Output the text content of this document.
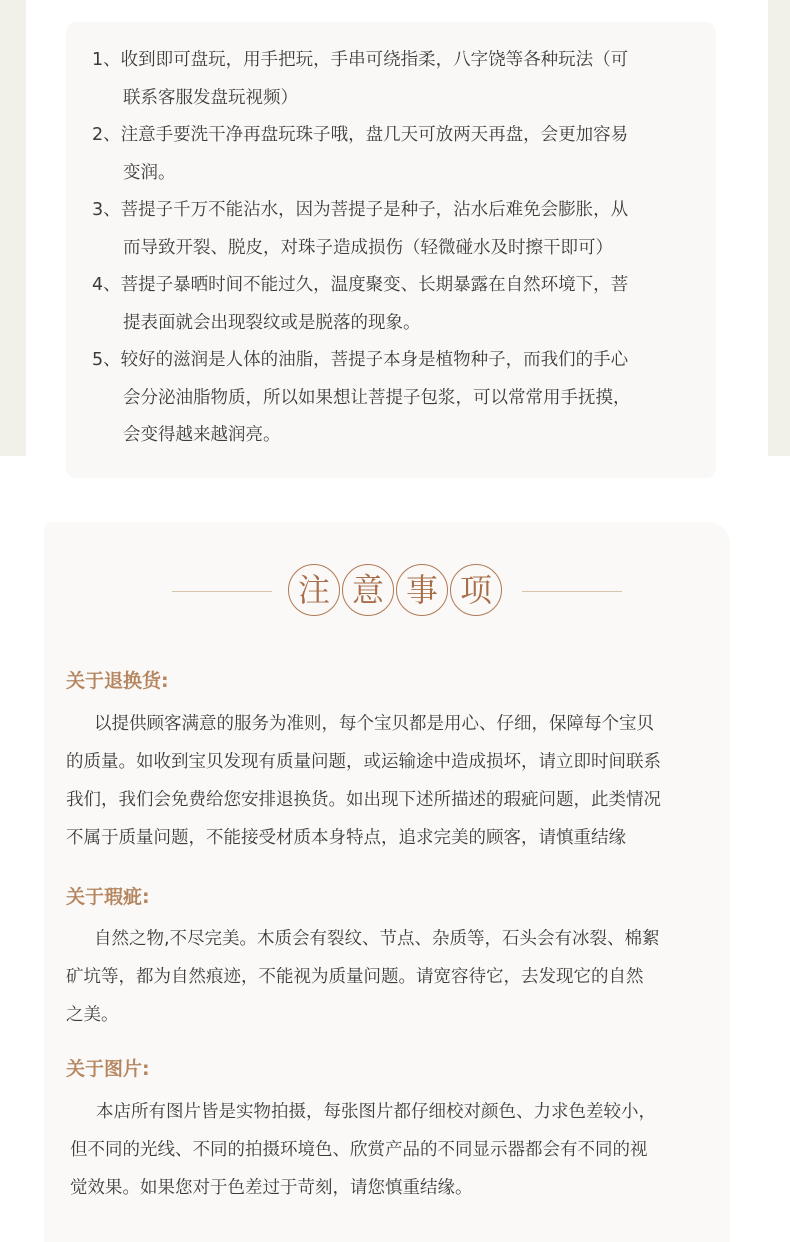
1、收到即可盘玩，用手把玩，手串可绕指柔，八字饶等各种玩法（可
联系客服发盘玩视频）
2、注意手要洗干净再盘玩珠子哦，盘几天可放两天再盘，会更加容易
变润。
3、菩提子千万不能沾水，因为菩提子是种子，沾水后难免会膨胀，从
而导致开裂、脱皮，对珠子造成损伤（轻微碰水及时擦干即可）
4、菩提子暴晒时间不能过久，温度聚变、长期暴露在自然环境下，菩
提表面就会出现裂纹或是脱落的现象。
5、较好的滋润是人体的油脂，菩提子本身是植物种子，而我们的手心
会分泌油脂物质，所以如果想让菩提子包浆，可以常常用手抚摸，
会变得越来越润亮。
注 意 事 项
关于退换货:
以提供顾客满意的服务为准则，每个宝贝都是用心、仔细，保障每个宝贝
的质量。如收到宝贝发现有质量问题，或运输途中造成损坏，请立即时间联系
我们，我们会免费给您安排退换货。如出现下述所描述的瑕疵问题，此类情况
不属于质量问题，不能接受材质本身特点，追求完美的顾客，请慎重结缘
关于瑕疵:
自然之物,不尽完美。木质会有裂纹、节点、杂质等，石头会有冰裂、棉絮
矿坑等，都为自然痕迹，不能视为质量问题。请宽容待它，去发现它的自然
之美。
关于图片:
本店所有图片皆是实物拍摄，每张图片都仔细校对颜色、力求色差较小，
但不同的光线、不同的拍摄环境色、欣赏产品的不同显示器都会有不同的视
觉效果。如果您对于色差过于苛刻，请您慎重结缘。
